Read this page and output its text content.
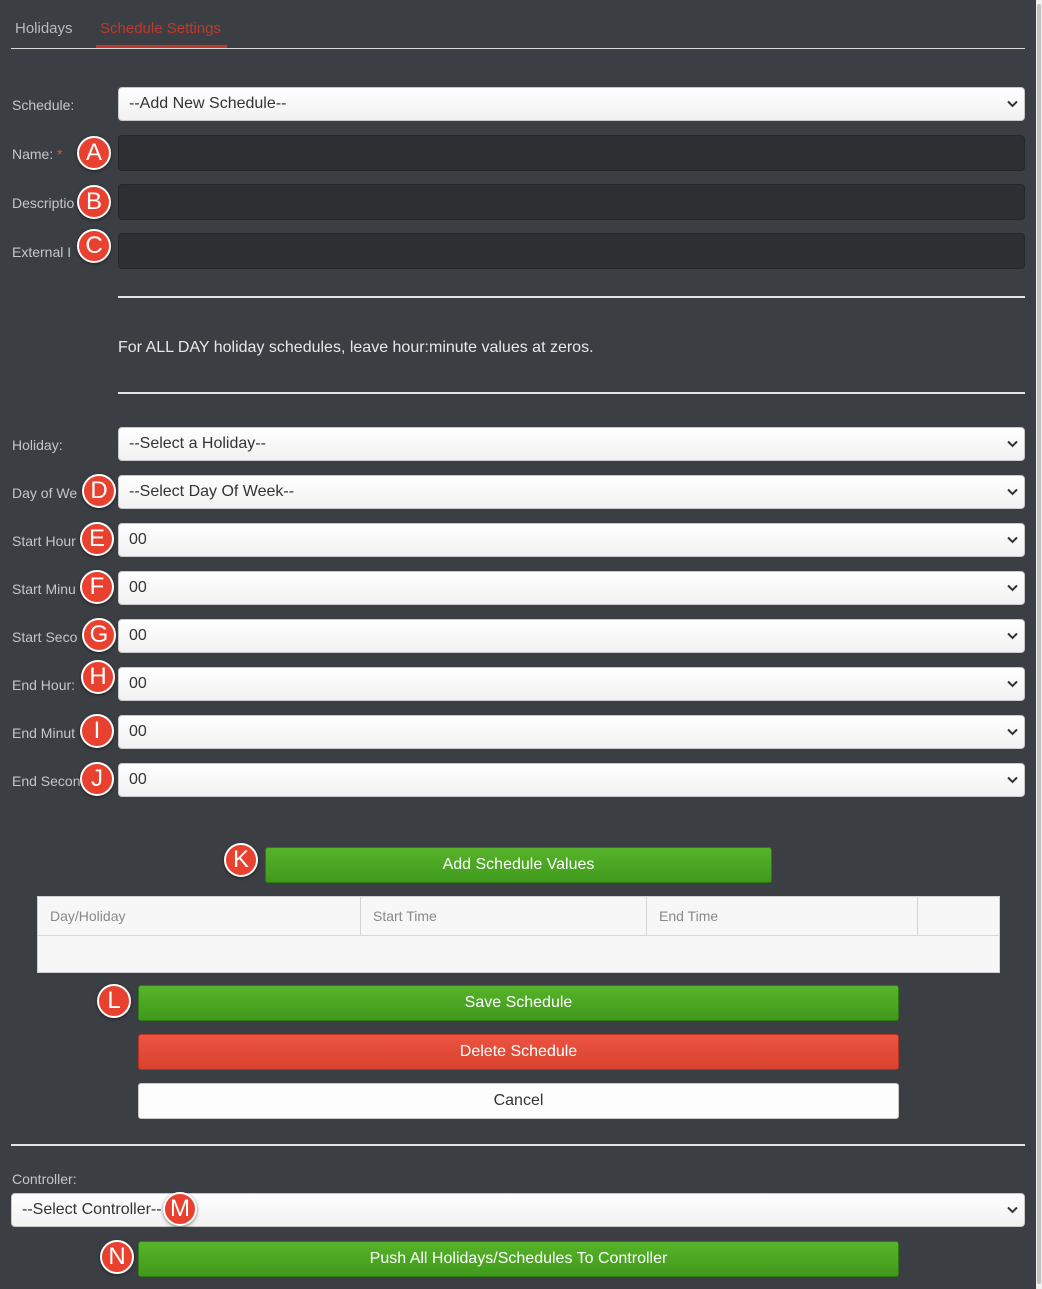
Holidays Schedule Settings
Schedule:	--Add New Schedule--
Name: * A
Descriptio B
External I C
For ALL DAY holiday schedules, leave hour:minute values at zeros.
Holiday:	--Select a Holiday--
Day of We D	--Select Day Of Week--
Start Hour E	00
Start Minu F	00
Start Seco G	00
End Hour: H	00
End Minut I	00
End Secon J	00
K	Add Schedule Values
Day/Holiday	Start Time	End Time
L	Save Schedule
Delete Schedule
Cancel
Controller:
--Select Controller-- M
N	Push All Holidays/Schedules To Controller
